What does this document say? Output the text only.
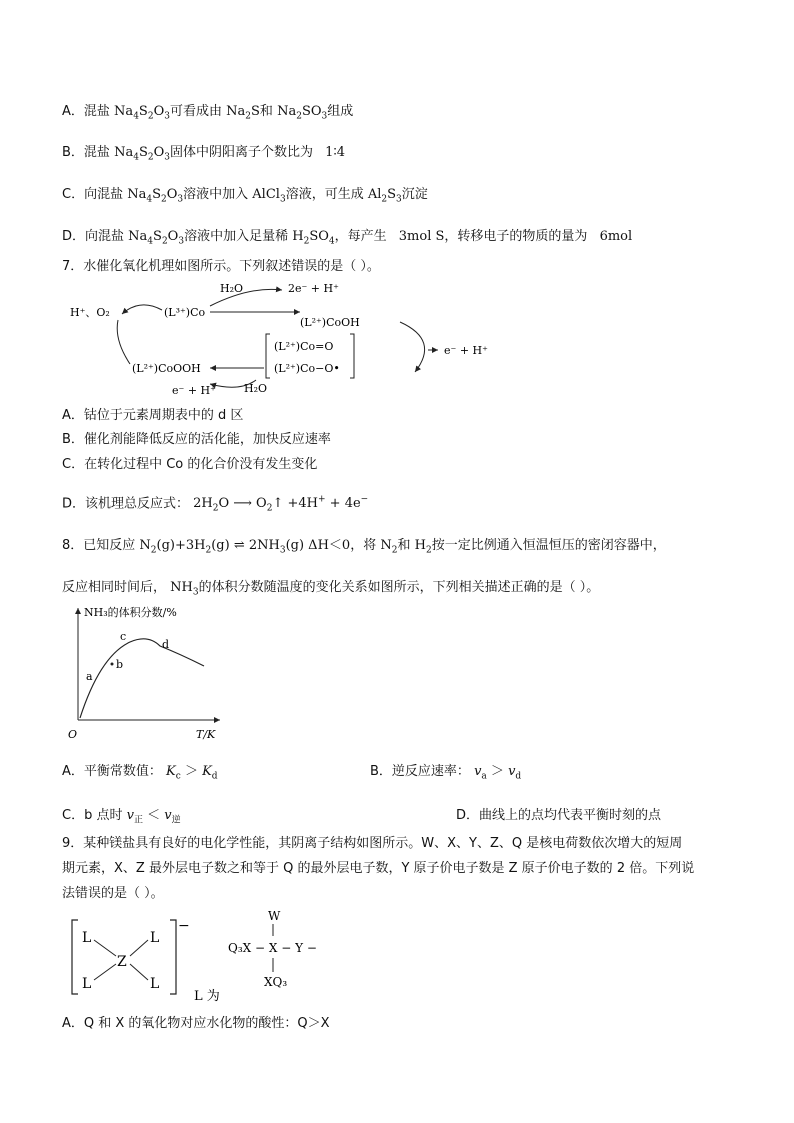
A．混盐 $Na_4S_2O_3$可看成由 $Na_2S$和 $Na_2SO_3$组成
B．混盐 $Na_4S_2O_3$固体中阴阳离子个数比为 1∶4
C．向混盐 $Na_4S_2O_3$溶液中加入 AlCl$_3$溶液，可生成 $Al_2S_3$沉淀
D．向混盐 $Na_4S_2O_3$溶液中加入足量稀 $H_2SO_4$，每产生 3mol S，转移电子的物质的量为 6mol
7．水催化氧化机理如图所示。下列叙述错误的是（ ）。
H₂O	2e⁻ + H⁺
H⁺、O₂	(L³⁺)Co
(L²⁺)CoOH
e⁻ + H⁺
(L²⁺)Co=O
(L²⁺)Co−O•
(L²⁺)CoOOH
H₂O
e⁻ + H⁺
A．钴位于元素周期表中的 d 区
B．催化剂能降低反应的活化能，加快反应速率
C．在转化过程中 Co 的化合价没有发生变化
D．该机理总反应式： $2H_2O$ ⟶ $O_2↑ +4H^+ + 4e^-$
8．已知反应 $N_2(g)+3H_2(g)$ ⇌ $2NH_3(g)$ ΔH＜0，将 $N_2$和 $H_2$按一定比例通入恒温恒压的密闭容器中，
反应相同时间后， $NH_3$的体积分数随温度的变化关系如图所示，下列相关描述正确的是（ ）。
NH₃的体积分数/%
T/K
O
a
b
c
d
A．平衡常数值： $K_c > K_d$	B．逆反应速率： $v_a > v_d$
C．b 点时 $v_正 < v_逆$	D．曲线上的点均代表平衡时刻的点
9．某种镁盐具有良好的电化学性能，其阴离子结构如图所示。W、X、Y、Z、Q 是核电荷数依次增大的短周
期元素，X、Z 最外层电子数之和等于 Q 的最外层电子数，Y 原子价电子数是 Z 原子价电子数的 2 倍。下列说
法错误的是（ ）。
−
L	L
L	L
Z
W
Q₃X − X − Y −
XQ₃
L 为
A．Q 和 X 的氧化物对应水化物的酸性：Q＞X
